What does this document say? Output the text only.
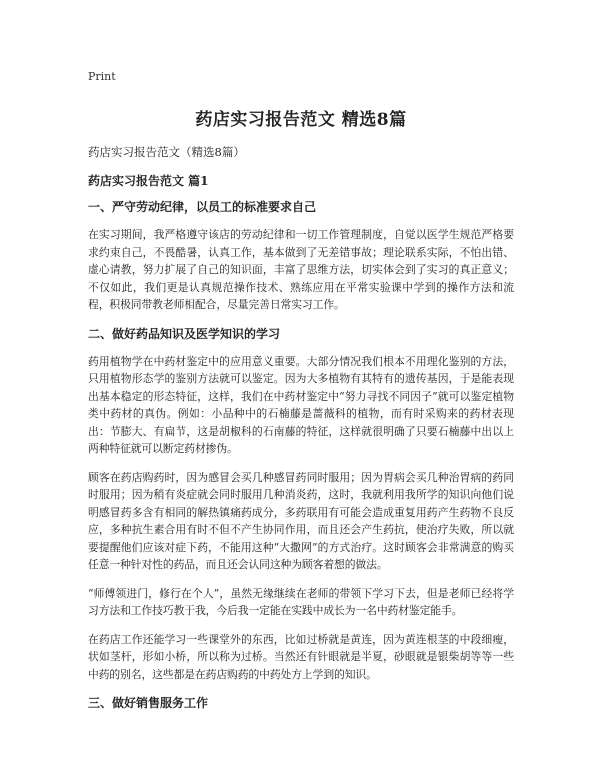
Print
药店实习报告范文 精选8篇

药店实习报告范文（精选8篇）

药店实习报告范文 篇1
一、严守劳动纪律，以员工的标准要求自己

在实习期间，我严格遵守该店的劳动纪律和一切工作管理制度，自觉以医学生规范严格要求约束自己，不畏酷暑，认真工作，基本做到了无差错事故；理论联系实际，不怕出错、虚心请教，努力扩展了自己的知识面，丰富了思维方法，切实体会到了实习的真正意义；不仅如此，我们更是认真规范操作技术、熟练应用在平常实验课中学到的操作方法和流程，积极同带教老师相配合，尽量完善日常实习工作。

二、做好药品知识及医学知识的学习

药用植物学在中药材鉴定中的应用意义重要。大部分情况我们根本不用理化鉴别的方法，只用植物形态学的鉴别方法就可以鉴定。因为大多植物有其特有的遗传基因，于是能表现出基本稳定的形态特征，这样，我们在中药材鉴定中“努力寻找不同因子”就可以鉴定植物类中药材的真伪。例如：小品种中的石楠藤是蔷薇科的植物，而有时采购来的药材表现出：节膨大、有扁节，这是胡椒科的石南藤的特征，这样就很明确了只要石楠藤中出以上两种特征就可以断定药材掺伪。

顾客在药店购药时，因为感冒会买几种感冒药同时服用；因为胃病会买几种治胃病的药同时服用；因为稍有炎症就会同时服用几种消炎药，这时，我就利用我所学的知识向他们说明感冒药多含有相同的解热镇痛药成分，多药联用有可能会造成重复用药产生药物不良反应，多种抗生素合用有时不但不产生协同作用，而且还会产生药抗，使治疗失败，所以就要提醒他们应该对症下药，不能用这种“大撒网”的方式治疗。这时顾客会非常满意的购买任意一种针对性的药品，而且还会认同这种为顾客着想的做法。

“师傅领进门，修行在个人”，虽然无缘继续在老师的带领下学习下去，但是老师已经将学习方法和工作技巧教于我，今后我一定能在实践中成长为一名中药材鉴定能手。

在药店工作还能学习一些课堂外的东西，比如过桥就是黄连，因为黄连根茎的中段细瘦，状如茎杆，形如小桥，所以称为过桥。当然还有针眼就是半夏，砂眼就是银柴胡等等一些中药的别名，这些都是在药店购药的中药处方上学到的知识。

三、做好销售服务工作
